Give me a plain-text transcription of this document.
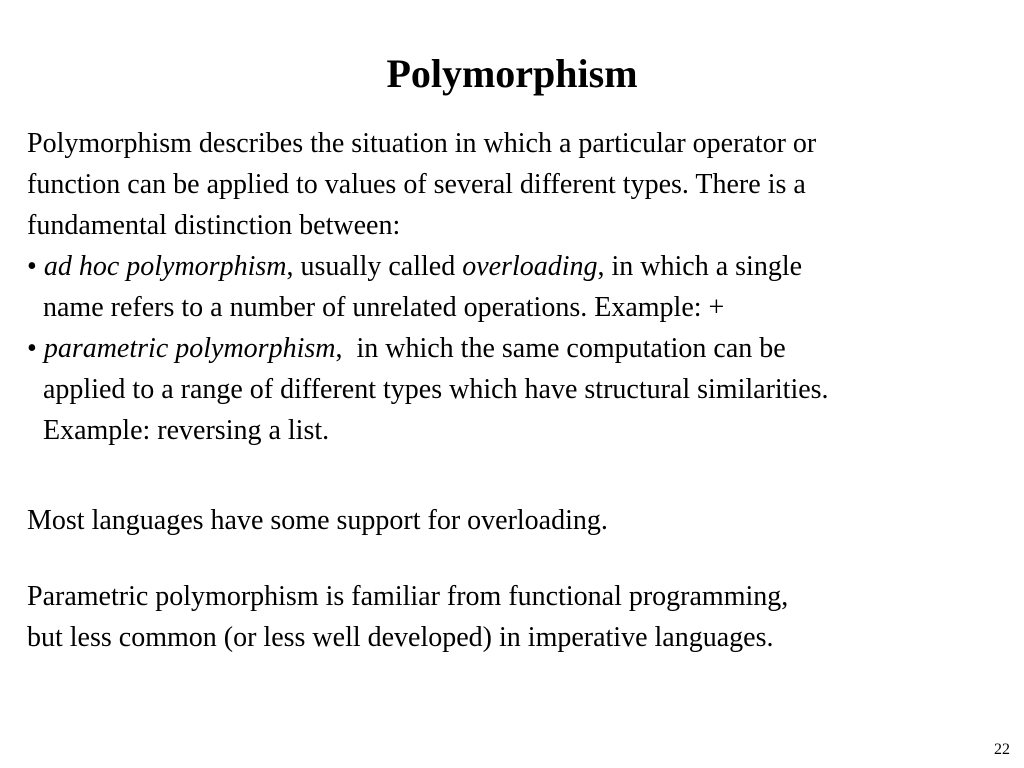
Polymorphism
Polymorphism describes the situation in which a particular operator or
function can be applied to values of several different types. There is a
fundamental distinction between:
• ad hoc polymorphism, usually called overloading, in which a single
name refers to a number of unrelated operations. Example: +
• parametric polymorphism,  in which the same computation can be
applied to a range of different types which have structural similarities.
Example: reversing a list.
Most languages have some support for overloading.
Parametric polymorphism is familiar from functional programming,
but less common (or less well developed) in imperative languages.
22
